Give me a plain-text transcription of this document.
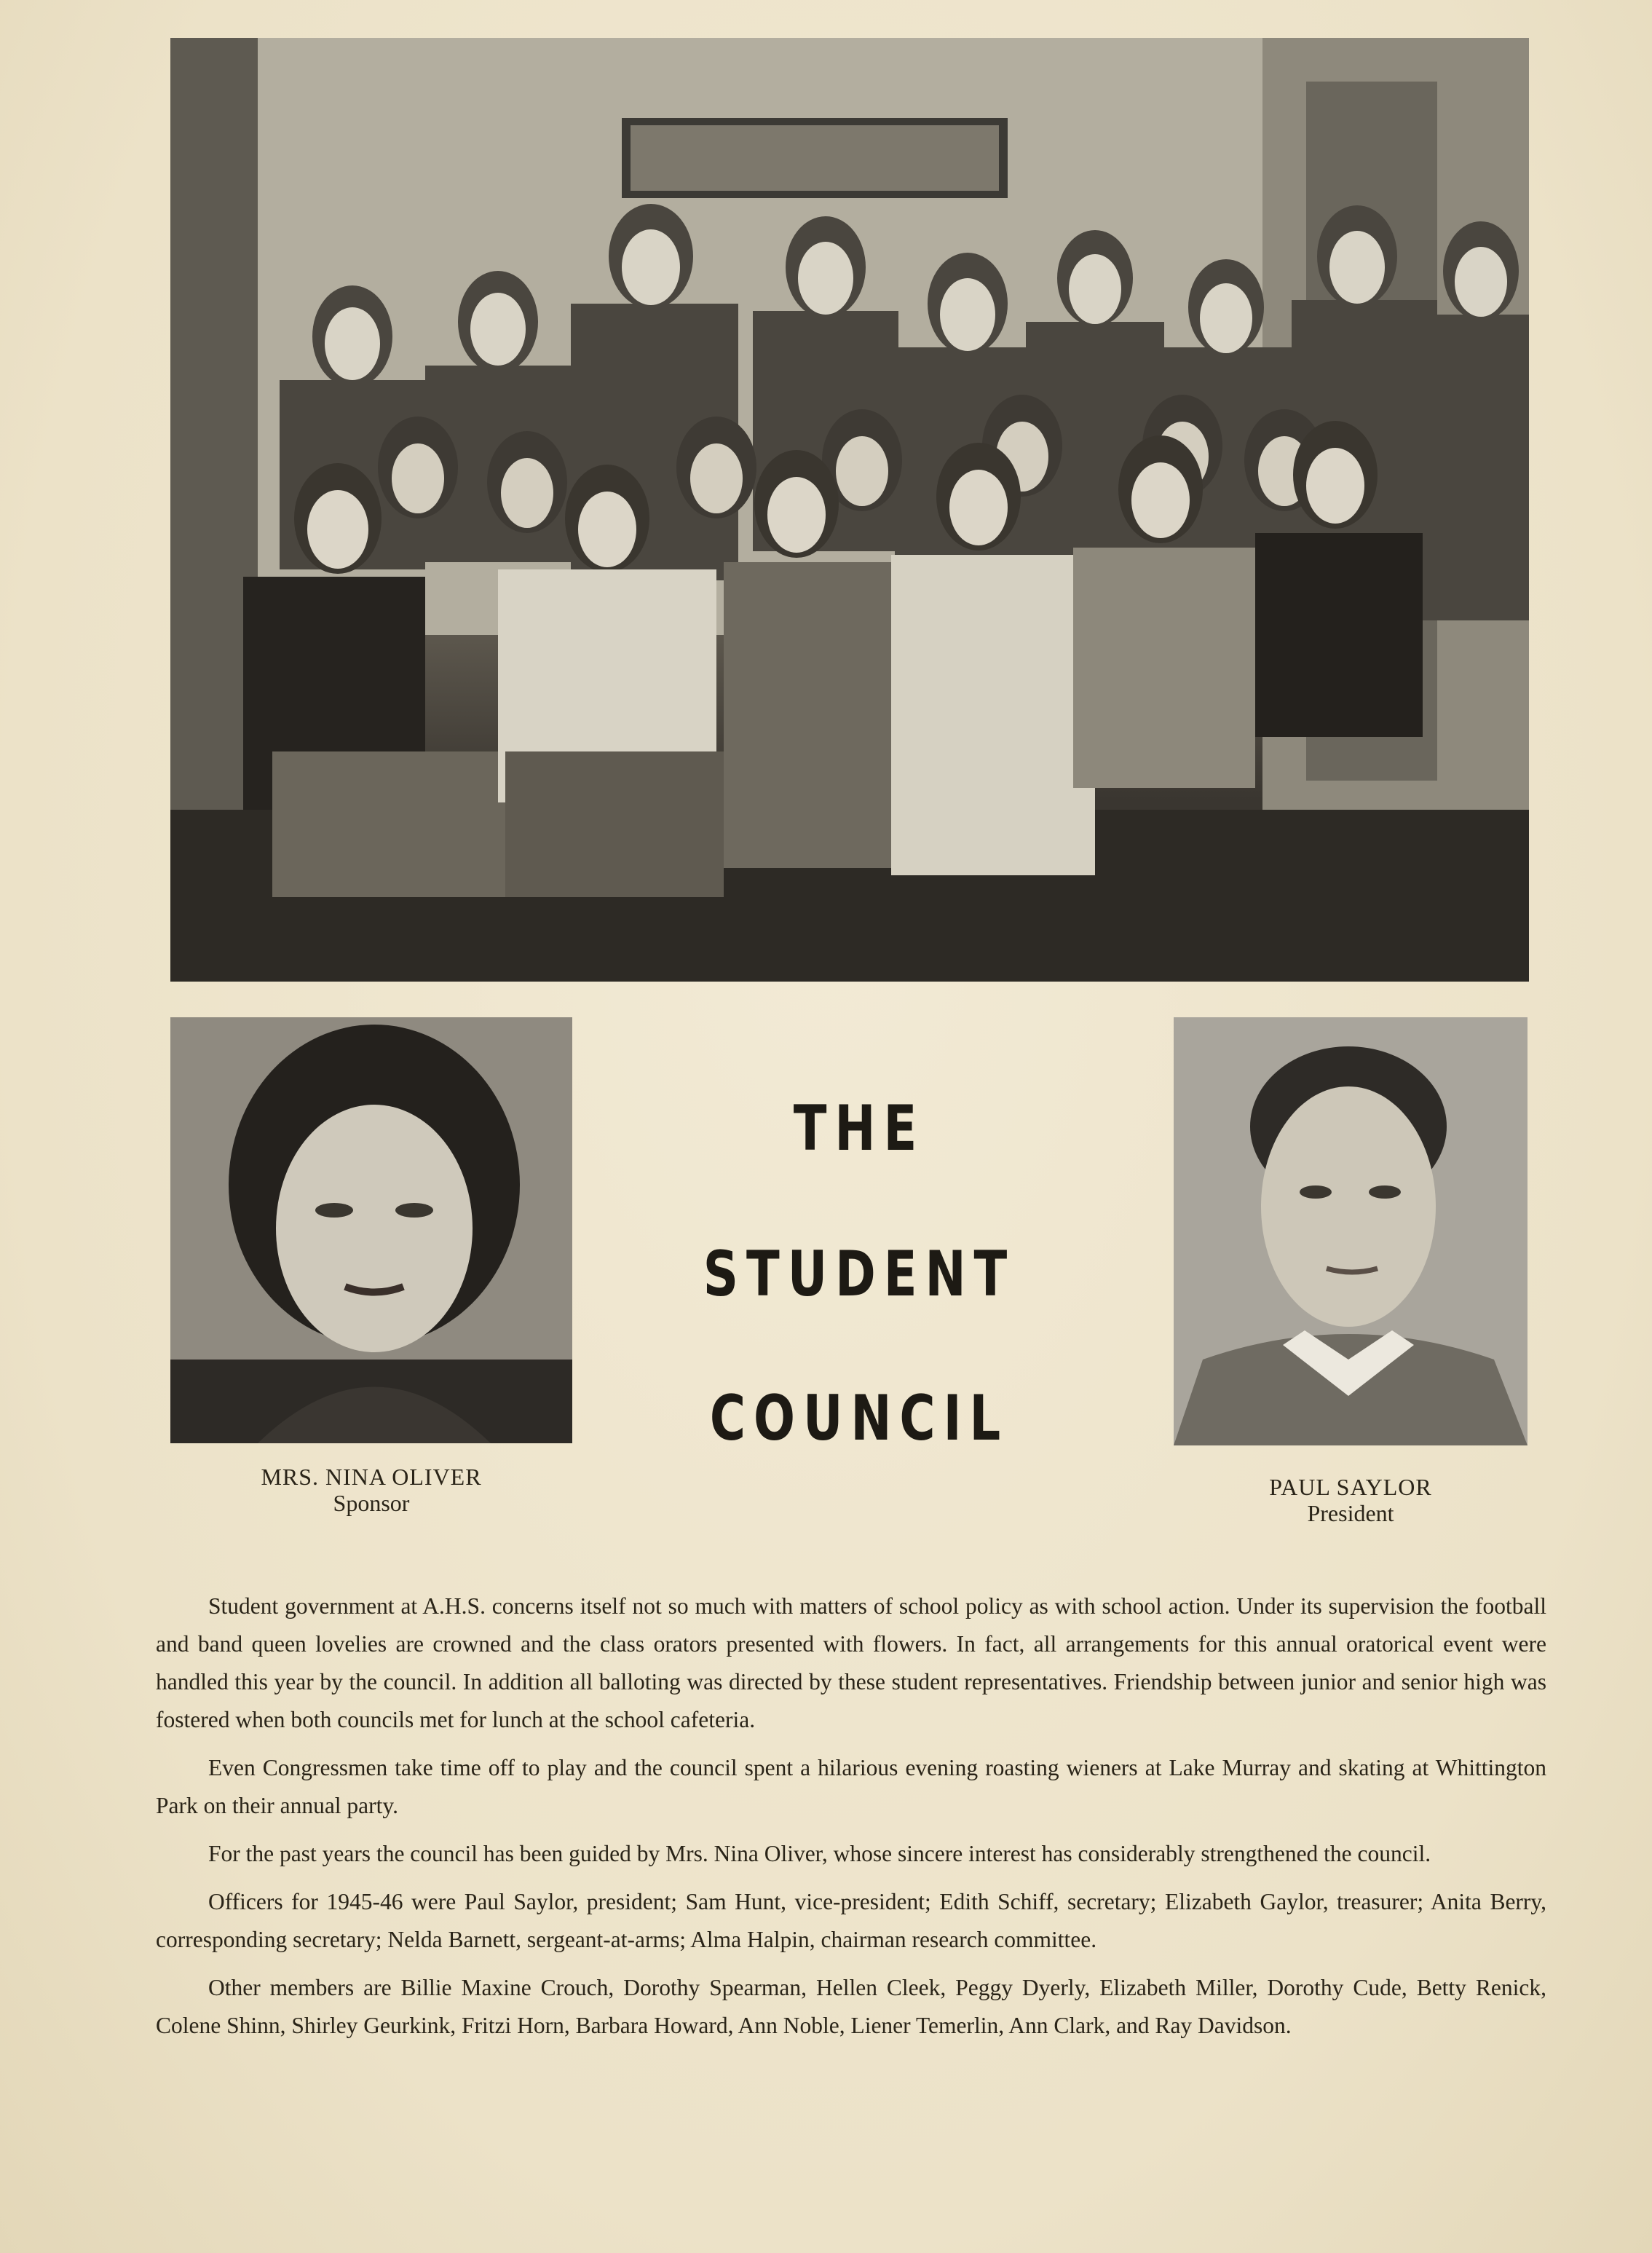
THE
STUDENT
COUNCIL
MRS. NINA OLIVER
Sponsor
PAUL SAYLOR
President

Student government at A.H.S. concerns itself not so much with matters of school policy as with school action. Under its supervision the football and band queen lovelies are crowned and the class orators presented with flowers. In fact, all arrangements for this annual oratorical event were handled this year by the council. In addition all balloting was directed by these student representatives. Friendship between junior and senior high was fostered when both councils met for lunch at the school cafeteria.

Even Congressmen take time off to play and the council spent a hilarious evening roasting wieners at Lake Murray and skating at Whittington Park on their annual party.

For the past years the council has been guided by Mrs. Nina Oliver, whose sincere interest has considerably strengthened the council.

Officers for 1945-46 were Paul Saylor, president; Sam Hunt, vice-president; Edith Schiff, secretary; Elizabeth Gaylor, treasurer; Anita Berry, corresponding secretary; Nelda Barnett, sergeant-at-arms; Alma Halpin, chairman research committee.

Other members are Billie Maxine Crouch, Dorothy Spearman, Hellen Cleek, Peggy Dyerly, Elizabeth Miller, Dorothy Cude, Betty Renick, Colene Shinn, Shirley Geurkink, Fritzi Horn, Barbara Howard, Ann Noble, Liener Temerlin, Ann Clark, and Ray Davidson.
